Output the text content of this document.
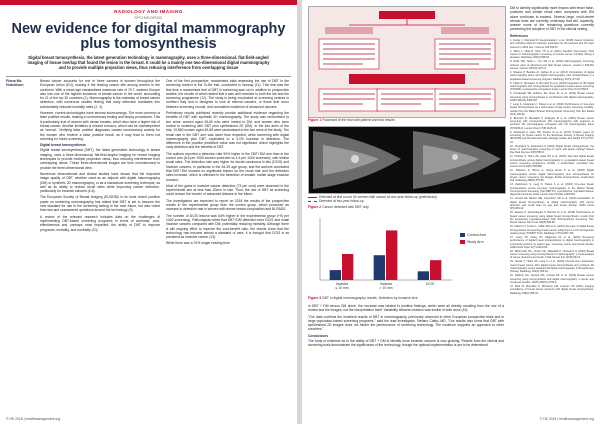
RADIOLOGY AND IMAGING
SPONSORED
New evidence for digital mammography plus tomosynthesis
Digital breast tomosynthesis, the latest generation technology in mammography, uses a three-dimensional, flat-field-angled imaging of tissue overlap that found the lesion in the breast. It could be a mainly one two-dimensional digital mammography and to provide multiple projection views, thus reducing interference from overlapping tissue
Fiona Mc Hutchison

Breast cancer accounts for one in three cancers in women throughout the European Union (EU), making it the leading cancer site among women in the continent. With a mean age standardised incidence rate of 79.7, western Europe also has one of the highest incidence of breast cancer in the world, accounting for 21 of the top 30 countries (1). Mammography is the mainstay of breast cancer detection, with numerous studies finding that early detection translates into substantially reduced mortality rates (2, 3).

However, current technologies have several shortcomings. The most common is false positive results, leading to unnecessary testing and biopsy procedures. This is particularly true of women with dense breasts, which also have a higher risk of breast cancer. Another limitation is missed tumours, which can be misinterpreted as 'normal'. Verifying false positive diagnoses causes unnecessary anxiety for the women who receive a false positive result, as it may lead to them not returning for future screening.

Digital breast tomosynthesis

Digital breast tomosynthesis (DBT), the latest generation technology in breast imaging, uses a three-dimensional, flat-field-angled imaging for breast imaging techniques to provide multiple projection views, thus reducing interference from overlapping tissue. These three-dimensional images are then reconstructed to provide the three-dimensional view.

Numerous observational and clinical studies have shown that the improved image quality of DBT, whether used as an adjunct with digital mammography (DM) or synthetic 2D mammography, or as a standalone screening technique, as well as its ability to reduce recall rates while improving cancer detection, particularly for invasive cancers (4-8).

The European Society of Breast Imaging (EUSOBI) in its most recent position paper on screening mammography has stated that DBT is set to become the new standard for use in the screening setting in the near future, but also noted that new and unanswered questions around the technology (9).

A review of the relevant research includes data on the challenges of implementing DBT-based screening programs in terms of workload, cost-effectiveness and, perhaps most important, the ability of DBT to improve prognosis, mortality, and morbidity (10).

One of the first prospective, randomised trials assessing the use of DBT in the screening context is the To-Be trial, conducted in Norway (11). This trial was the first time a randomised trial of DBT in screening was run in addition to prospective studies, the results of which stated that it was well received to both the lab and the screening programme (12). The study is being conducted at screening centres in northern Italy and is designed to look at interval cancers, or those that occur between screening rounds, and cumulative incidence of advanced cancers.

Preliminary results published recently provide additional evidence regarding the benefits of DBT with synthetic 2D mammography. The study was randomised to two arms: women aged 45-69 who were invited to DM, and women who were invited to screening with DBT plus synthesised 2D (DM). In the two arms of the trial, 19,560 women aged 45-69 were randomised to the two arms of the study. The recall rate in the DBT arm was lower than expected, while screening with digital mammography plus DBT, equivalent to a 4.1% increase in detection. The difference in the positive predictive value was not significant, which highlights the early detection and the benefits of DBT.

The authors reported a detection rate 90% higher in the DBT+DM arm than in the control arm (8.6 per 1000 women screened vs 4.5 per 1000 screened), with similar recall rates. The detection rate was higher for ductal carcinoma in situ (DCIS) and invasive cancers, in particular in the 45-49 age group, and the authors concluded that DBT+DM showed no significant impact on the recall rate and the detection rates increase, which is reflected in the detection of smaller, earlier-stage invasive tumours.

Most of the gains in invasive cancer detection (73 per cent) were observed in the experimental arm at less than 20mm in size. Thus, the use of DBT as screening could reduce the burden of advanced disease in the future.

The investigators are expected to report on 2018 the results of the prospective results in the experimental group than the control group, which produced an increase in detection rate in women with dense breast composition and BI-RADS.

The number of DCIS lesions was 64% higher in the experimental group (+9) per 1000 screening). Pathologists noted that DBT+DM detected more DCIS and small invasive cancers compared with DM, potentially reducing mortality. Although there is still ongoing effort to improve the cost-benefit ratio, the results show that the technology has become almost a standard of care; it is thought that DCIS is as prevalent as invasive cancer (13).

While there was a 70% longer reading time

© HE 2018 | healthmanagement.org
Figure 1 Flowchart of the trial with patient and trial results
Detected at first round: 60 women with cancer at one-year follow-up (preliminary)
Detected at two-year follow-up
Figure 2 Cancer detected with DBT only
Invasive
≤ 10 mm
Invasive
> 10 mm
DCIS
Control Arm
Study Arm
Figure 3 DBT in digital mammography results. Detection by invasive size

in DBT + DM versus DM alone, the increase was related to positive findings, which were all directly resulting from the use of a review and the images, not the interpretation itself. Variability between readers was similar in both arms (14).

"Our data confirms the excellent results of DBT in mammography, previously observed in other European prospective trials and in large population-based screening programs," said the lead investigator, Stefano Ciatto, MD. "Our results also show that DBT with synthesised 2D images does not hinder the performance of screening technology. The evidence supports an approach to other countries."

Conclusions

The body of evidence as to the ability of DBT + DM to identify more invasive cancers is now growing. Results from the clinical and screening trials demonstrate the significance of the technology, though the optimal implementation is yet to be determined.

DM to identify significantly more lesions with fewer false-positives and similar recall rates compared with DM alone continues to expand. Several large, multi-centre clinical trials are currently underway that will, hopefully, answer some of the remaining questions currently preventing the adoption of DBT in the clinical setting.

References

1. Ferlay J, Colombet M, Soerjomataram I et al. (2018) Cancer incidence and mortality patterns in Europe: Estimates for 40 countries and 25 major cancers in 2018. Eur J Cancer 103:356-87.

2. Tabar L, Vitak B, Chen TH et al. (2011) Swedish Two-County Trial: impact of mammographic screening on breast cancer mortality during 3 decades. Radiology 260(3):658-63.

3. Duffy SW, Tabar L, Yen AM et al. (2020) Mammography screening reduces rates of advanced and fatal breast cancers: results in 549,091 women. Cancer 126(13):2971-9.

4. Skaane P, Bandos AI, Gullien R et al. (2013) Comparison of digital mammography alone and digital mammography plus tomosynthesis in a population-based screening program. Radiology 267(1):47-56.

5. Ciatto S, Houssami N, Bernardi D et al. (2013) Integration of 3D digital mammography with tomosynthesis for population breast-cancer screening (STORM): a prospective comparison study. Lancet Oncol 14(7):583-9.

6. Friedewald SM, Rafferty EA, Rose SL et al. (2014) Breast cancer screening using tomosynthesis in combination with digital mammography. JAMA 311(24):2499-507.

7. Lang K, Andersson I, Rosso A et al. (2016) Performance of one-view breast tomosynthesis as a stand-alone breast cancer screening modality: results from the Malmo Breast Tomosynthesis Screening Trial. Eur Radiol 26(1):184-90.

8. Bernardi D, Macaskill P, Pellegrini M et al. (2016) Breast cancer screening with tomosynthesis (3D mammography) with acquired or synthetic 2D mammography compared with 2D mammography alone (STORM-2). Lancet Oncol 17(8):1105-13.

9. Sardanelli F, Aase HS, Alvarez M et al. (2017) Position paper on screening for breast cancer by the European Society of Breast Imaging (EUSOBI) and 30 national breast radiology bodies. Eur Radiol 27(7):2737-43.

10. Houssami N, Zackrisson S (2018) Digital breast tomosynthesis: the future of mammography screening or much ado about nothing? Expert Rev Med Devices 10(5):583-5.

11. Hofvind S, Holen AS, Aase HS et al. (2019) Two-view digital breast tomosynthesis versus digital mammography in a population-based breast cancer screening programme (To-Be): a randomised, controlled trial. Lancet Oncol 20(6):795-805.

12. Pattacini P, Nitrosi A, Giorgi Rossi P et al. (2018) Digital mammography versus digital mammography plus tomosynthesis for breast cancer screening: the Reggio Emilia tomosynthesis randomized trial. Radiology 288(2):375-85.

13. Zackrisson S, Lang K, Rosso A et al. (2018) One-view breast tomosynthesis versus two-view mammography in the Malmo Breast Tomosynthesis Screening Trial (MBTST): a prospective, population-based, diagnostic accuracy study. Lancet Oncol 19(11):1493-503.

14. Conant EF, Barlow WE, Herschorn SD et al. (2019) Association of digital breast tomosynthesis vs digital mammography with cancer detection and recall rates by age and breast density. JAMA Oncol 5(5):635-42.

15. Skaane P, Sebuodegard S, Bandos AI et al. (2018) Performance of breast cancer screening using digital breast tomosynthesis: results from the prospective population-based Oslo Tomosynthesis Screening Trial. Breast Cancer Res Treat 169(3):489-96.

16. Gilbert FJ, Tucker L, Gillan MG et al. (2015) Accuracy of digital breast tomosynthesis for depicting breast cancer subgroups in a UK retrospective reading study (TOMMY Trial). Radiology 277(3):697-706.

17. Lowry KP, Coley RY, Miglioretti DL et al. (2020) Screening performance of digital breast tomosynthesis vs digital mammography in community practice by patient age, screening round, and breast density. JAMA Netw Open 3(7):e2011792.

18. Marinovich ML, Hunter KE, Macaskill P, Houssami N (2018) Breast cancer screening using tomosynthesis or mammography: a meta-analysis of cancer detection and recall. J Natl Cancer Inst 110(9):942-9.

19. Hovda T, Holen AS, Lang K et al. (2020) Interval and consecutive round breast cancer after digital breast tomosynthesis and synthetic 2D mammography versus standard 2D digital mammography in BreastScreen Norway. Radiology 294(2):256-64.

20. Rafferty EA, Durand MA, Conant EF et al. (2016) Breast cancer screening using tomosynthesis and digital mammography in dense and nondense breasts. JAMA 315(16):1784-6.

21. Bahl M, Mercaldo S, McCarthy AM, Lehman CD (2021) Imaging surveillance of breast cancer survivors with digital breast tomosynthesis. Radiology 298(2):308-16.

© HE 2018 | healthmanagement.org
